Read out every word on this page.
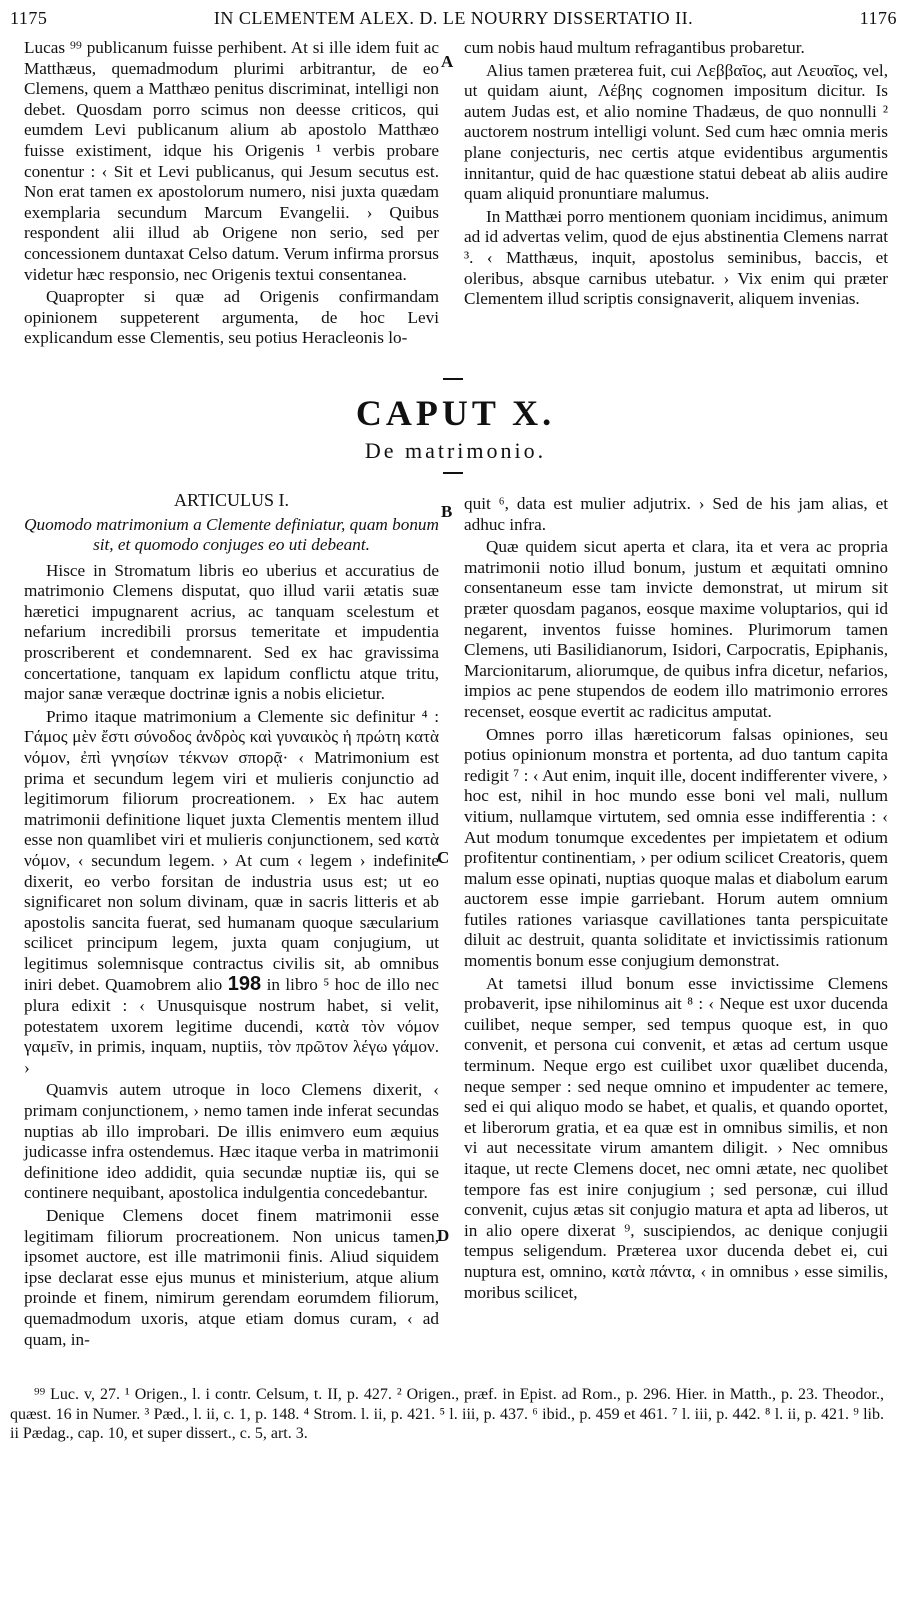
1175	IN CLEMENTEM ALEX. D. LE NOURRY DISSERTATIO II.	1176

Lucas ⁹⁹ publicanum fuisse perhibent. At si ille idem fuit ac Matthæus, quemadmodum plurimi arbitrantur, de eo Clemens, quem a Matthæo penitus discriminat, intelligi non debet. Quosdam porro scimus non deesse criticos, qui eumdem Levi publicanum alium ab apostolo Matthæo fuisse existiment, idque his Origenis ¹ verbis probare conentur : ‹ Sit et Levi publicanus, qui Jesum secutus est. Non erat tamen ex apostolorum numero, nisi juxta quædam exemplaria secundum Marcum Evangelii. › Quibus respondent alii illud ab Origene non serio, sed per concessionem duntaxat Celso datum. Verum infirma prorsus videtur hæc responsio, nec Origenis textui consentanea.

Quapropter si quæ ad Origenis confirmandam opinionem suppeterent argumenta, de hoc Levi explicandum esse Clementis, seu potius Heracleonis lo-

A

cum nobis haud multum refragantibus probaretur.

Alius tamen præterea fuit, cui Λεββαῖος, aut Λευαῖος, vel, ut quidam aiunt, Λέβης cognomen impositum dicitur. Is autem Judas est, et alio nomine Thadæus, de quo nonnulli ² auctorem nostrum intelligi volunt. Sed cum hæc omnia meris plane conjecturis, nec certis atque evidentibus argumentis innitantur, quid de hac quæstione statui debeat ab aliis audire quam aliquid pronuntiare malumus.

In Matthæi porro mentionem quoniam incidimus, animum ad id advertas velim, quod de ejus abstinentia Clemens narrat ³. ‹ Matthæus, inquit, apostolus seminibus, baccis, et oleribus, absque carnibus utebatur. › Vix enim qui præter Clementem illud scriptis consignaverit, aliquem invenias.

CAPUT X.
De matrimonio.
ARTICULUS I.
Quomodo matrimonium a Clemente definiatur, quam bonum sit, et quomodo conjuges eo uti debeant.

Hisce in Stromatum libris eo uberius et accuratius de matrimonio Clemens disputat, quo illud varii ætatis suæ hæretici impugnarent acrius, ac tanquam scelestum et nefarium incredibili prorsus temeritate et impudentia proscriberent et condemnarent. Sed ex hac gravissima concertatione, tanquam ex lapidum conflictu atque tritu, major sanæ veræque doctrinæ ignis a nobis elicietur.

Primo itaque matrimonium a Clemente sic definitur ⁴ : Γάμος μὲν ἔστι σύνοδος ἀνδρὸς καὶ γυναικὸς ἡ πρώτη κατὰ νόμον, ἐπὶ γνησίων τέκνων σπορᾷ· ‹ Matrimonium est prima et secundum legem viri et mulieris conjunctio ad legitimorum filiorum procreationem. › Ex hac autem matrimonii definitione liquet juxta Clementis mentem illud esse non quamlibet viri et mulieris conjunctionem, sed κατὰ νόμον, ‹ secundum legem. › At cum ‹ legem › indefinite dixerit, eo verbo forsitan de industria usus est; ut eo significaret non solum divinam, quæ in sacris litteris et ab apostolis sancita fuerat, sed humanam quoque sæcularium scilicet principum legem, juxta quam conjugium, ut legitimus solemnisque contractus civilis sit, ab omnibus iniri debet. Quamobrem alio 198 in libro ⁵ hoc de illo nec plura edixit : ‹ Unusquisque nostrum habet, si velit, potestatem uxorem legitime ducendi, κατὰ τὸν νόμον γαμεῖν, in primis, inquam, nuptiis, τὸν πρῶτον λέγω γάμον. ›

Quamvis autem utroque in loco Clemens dixerit, ‹ primam conjunctionem, › nemo tamen inde inferat secundas nuptias ab illo improbari. De illis enimvero eum æquius judicasse infra ostendemus. Hæc itaque verba in matrimonii definitione ideo addidit, quia secundæ nuptiæ iis, qui se continere nequibant, apostolica indulgentia concedebantur.

Denique Clemens docet finem matrimonii esse legitimam filiorum procreationem. Non unicus tamen, ipsomet auctore, est ille matrimonii finis. Aliud siquidem ipse declarat esse ejus munus et ministerium, atque alium proinde et finem, nimirum gerendam eorumdem filiorum, quemadmodum uxoris, atque etiam domus curam, ‹ ad quam, in-

B
C
D

quit ⁶, data est mulier adjutrix. › Sed de his jam alias, et adhuc infra.

Quæ quidem sicut aperta et clara, ita et vera ac propria matrimonii notio illud bonum, justum et æquitati omnino consentaneum esse tam invicte demonstrat, ut mirum sit præter quosdam paganos, eosque maxime voluptarios, qui id negarent, inventos fuisse homines. Plurimorum tamen Clemens, uti Basilidianorum, Isidori, Carpocratis, Epiphanis, Marcionitarum, aliorumque, de quibus infra dicetur, nefarios, impios ac pene stupendos de eodem illo matrimonio errores recenset, eosque evertit ac radicitus amputat.

Omnes porro illas hæreticorum falsas opiniones, seu potius opinionum monstra et portenta, ad duo tantum capita redigit ⁷ : ‹ Aut enim, inquit ille, docent indifferenter vivere, › hoc est, nihil in hoc mundo esse boni vel mali, nullum vitium, nullamque virtutem, sed omnia esse indifferentia : ‹ Aut modum tonumque excedentes per impietatem et odium profitentur continentiam, › per odium scilicet Creatoris, quem malum esse opinati, nuptias quoque malas et diabolum earum auctorem esse impie garriebant. Horum autem omnium futiles rationes variasque cavillationes tanta perspicuitate diluit ac destruit, quanta soliditate et invictissimis rationum momentis bonum esse conjugium demonstrat.

At tametsi illud bonum esse invictissime Clemens probaverit, ipse nihilominus ait ⁸ : ‹ Neque est uxor ducenda cuilibet, neque semper, sed tempus quoque est, in quo convenit, et persona cui convenit, et ætas ad certum usque terminum. Neque ergo est cuilibet uxor quælibet ducenda, neque semper : sed neque omnino et impudenter ac temere, sed ei qui aliquo modo se habet, et qualis, et quando oportet, et liberorum gratia, et ea quæ est in omnibus similis, et non vi aut necessitate virum amantem diligit. › Nec omnibus itaque, ut recte Clemens docet, nec omni ætate, nec quolibet tempore fas est inire conjugium ; sed personæ, cui illud convenit, cujus ætas sit conjugio matura et apta ad liberos, ut in alio opere dixerat ⁹, suscipiendos, ac denique conjugii tempus seligendum. Præterea uxor ducenda debet ei, cui nuptura est, omnino, κατὰ πάντα, ‹ in omnibus › esse similis, moribus scilicet,

⁹⁹ Luc. v, 27. ¹ Origen., l. i contr. Celsum, t. II, p. 427. ² Origen., præf. in Epist. ad Rom., p. 296. Hier. in Matth., p. 23. Theodor., quæst. 16 in Numer. ³ Pæd., l. ii, c. 1, p. 148. ⁴ Strom. l. ii, p. 421. ⁵ l. iii, p. 437. ⁶ ibid., p. 459 et 461. ⁷ l. iii, p. 442. ⁸ l. ii, p. 421. ⁹ lib. ii Pædag., cap. 10, et super dissert., c. 5, art. 3.
